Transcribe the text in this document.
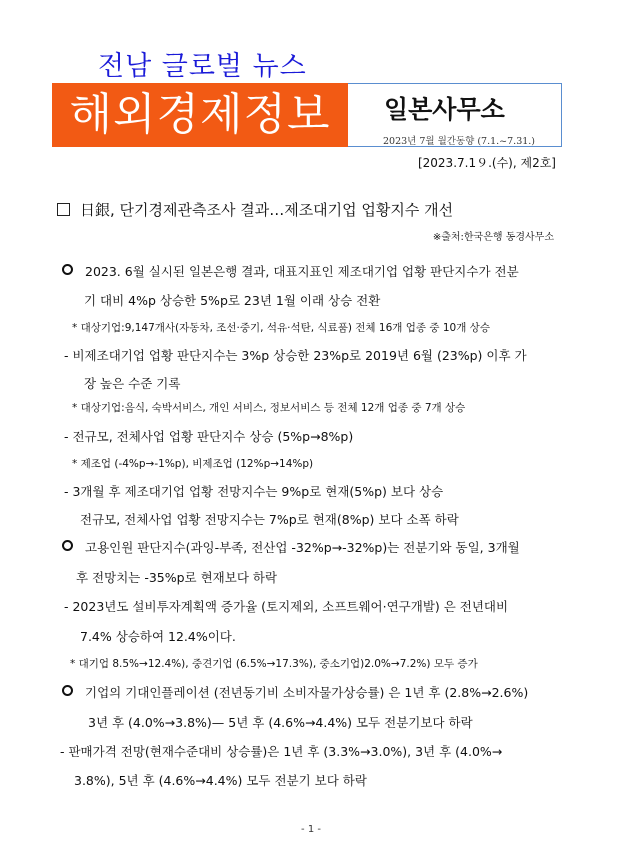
전남 글로벌 뉴스
해외경제정보	일본사무소
2023년 7월 월간동향 (7.1.~7.31.)
[2023.7.1９.(수), 제2호]
日銀, 단기경제관측조사 결과…제조대기업 업황지수 개선
※출처:한국은행 동경사무소
2023. 6월 실시된 일본은행 결과, 대표지표인 제조대기업 업황 판단지수가 전분
기 대비 4%p 상승한 5%p로 23년 1월 이래 상승 전환
* 대상기업:9,147개사(자동차, 조선·중기, 석유·석탄, 식료품) 전체 16개 업종 중 10개 상승
- 비제조대기업 업황 판단지수는 3%p 상승한 23%p로 2019년 6월 (23%p) 이후 가
장 높은 수준 기록
* 대상기업:음식, 숙박서비스, 개인 서비스, 정보서비스 등 전체 12개 업종 중 7개 상승
- 전규모, 전체사업 업황 판단지수 상승 (5%p→8%p)
* 제조업 (-4%p→-1%p), 비제조업 (12%p→14%p)
- 3개월 후 제조대기업 업황 전망지수는 9%p로 현재(5%p) 보다 상승
전규모, 전체사업 업황 전망지수는 7%p로 현재(8%p) 보다 소폭 하락
고용인원 판단지수(과잉-부족, 전산업 -32%p→-32%p)는 전분기와 동일, 3개월
후 전망치는 -35%p로 현재보다 하락
- 2023년도 설비투자계획액 증가율 (토지제외, 소프트웨어·연구개발) 은 전년대비
7.4% 상승하여 12.4%이다.
* 대기업 8.5%→12.4%), 중견기업 (6.5%→17.3%), 중소기업)2.0%→7.2%) 모두 증가
기업의 기대인플레이션 (전년동기비 소비자물가상승률) 은 1년 후 (2.8%→2.6%)
3년 후 (4.0%→3.8%)— 5년 후 (4.6%→4.4%) 모두 전분기보다 하락
- 판매가격 전망(현재수준대비 상승률)은 1년 후 (3.3%→3.0%), 3년 후 (4.0%→
3.8%), 5년 후 (4.6%→4.4%) 모두 전분기 보다 하락
- 1 -
